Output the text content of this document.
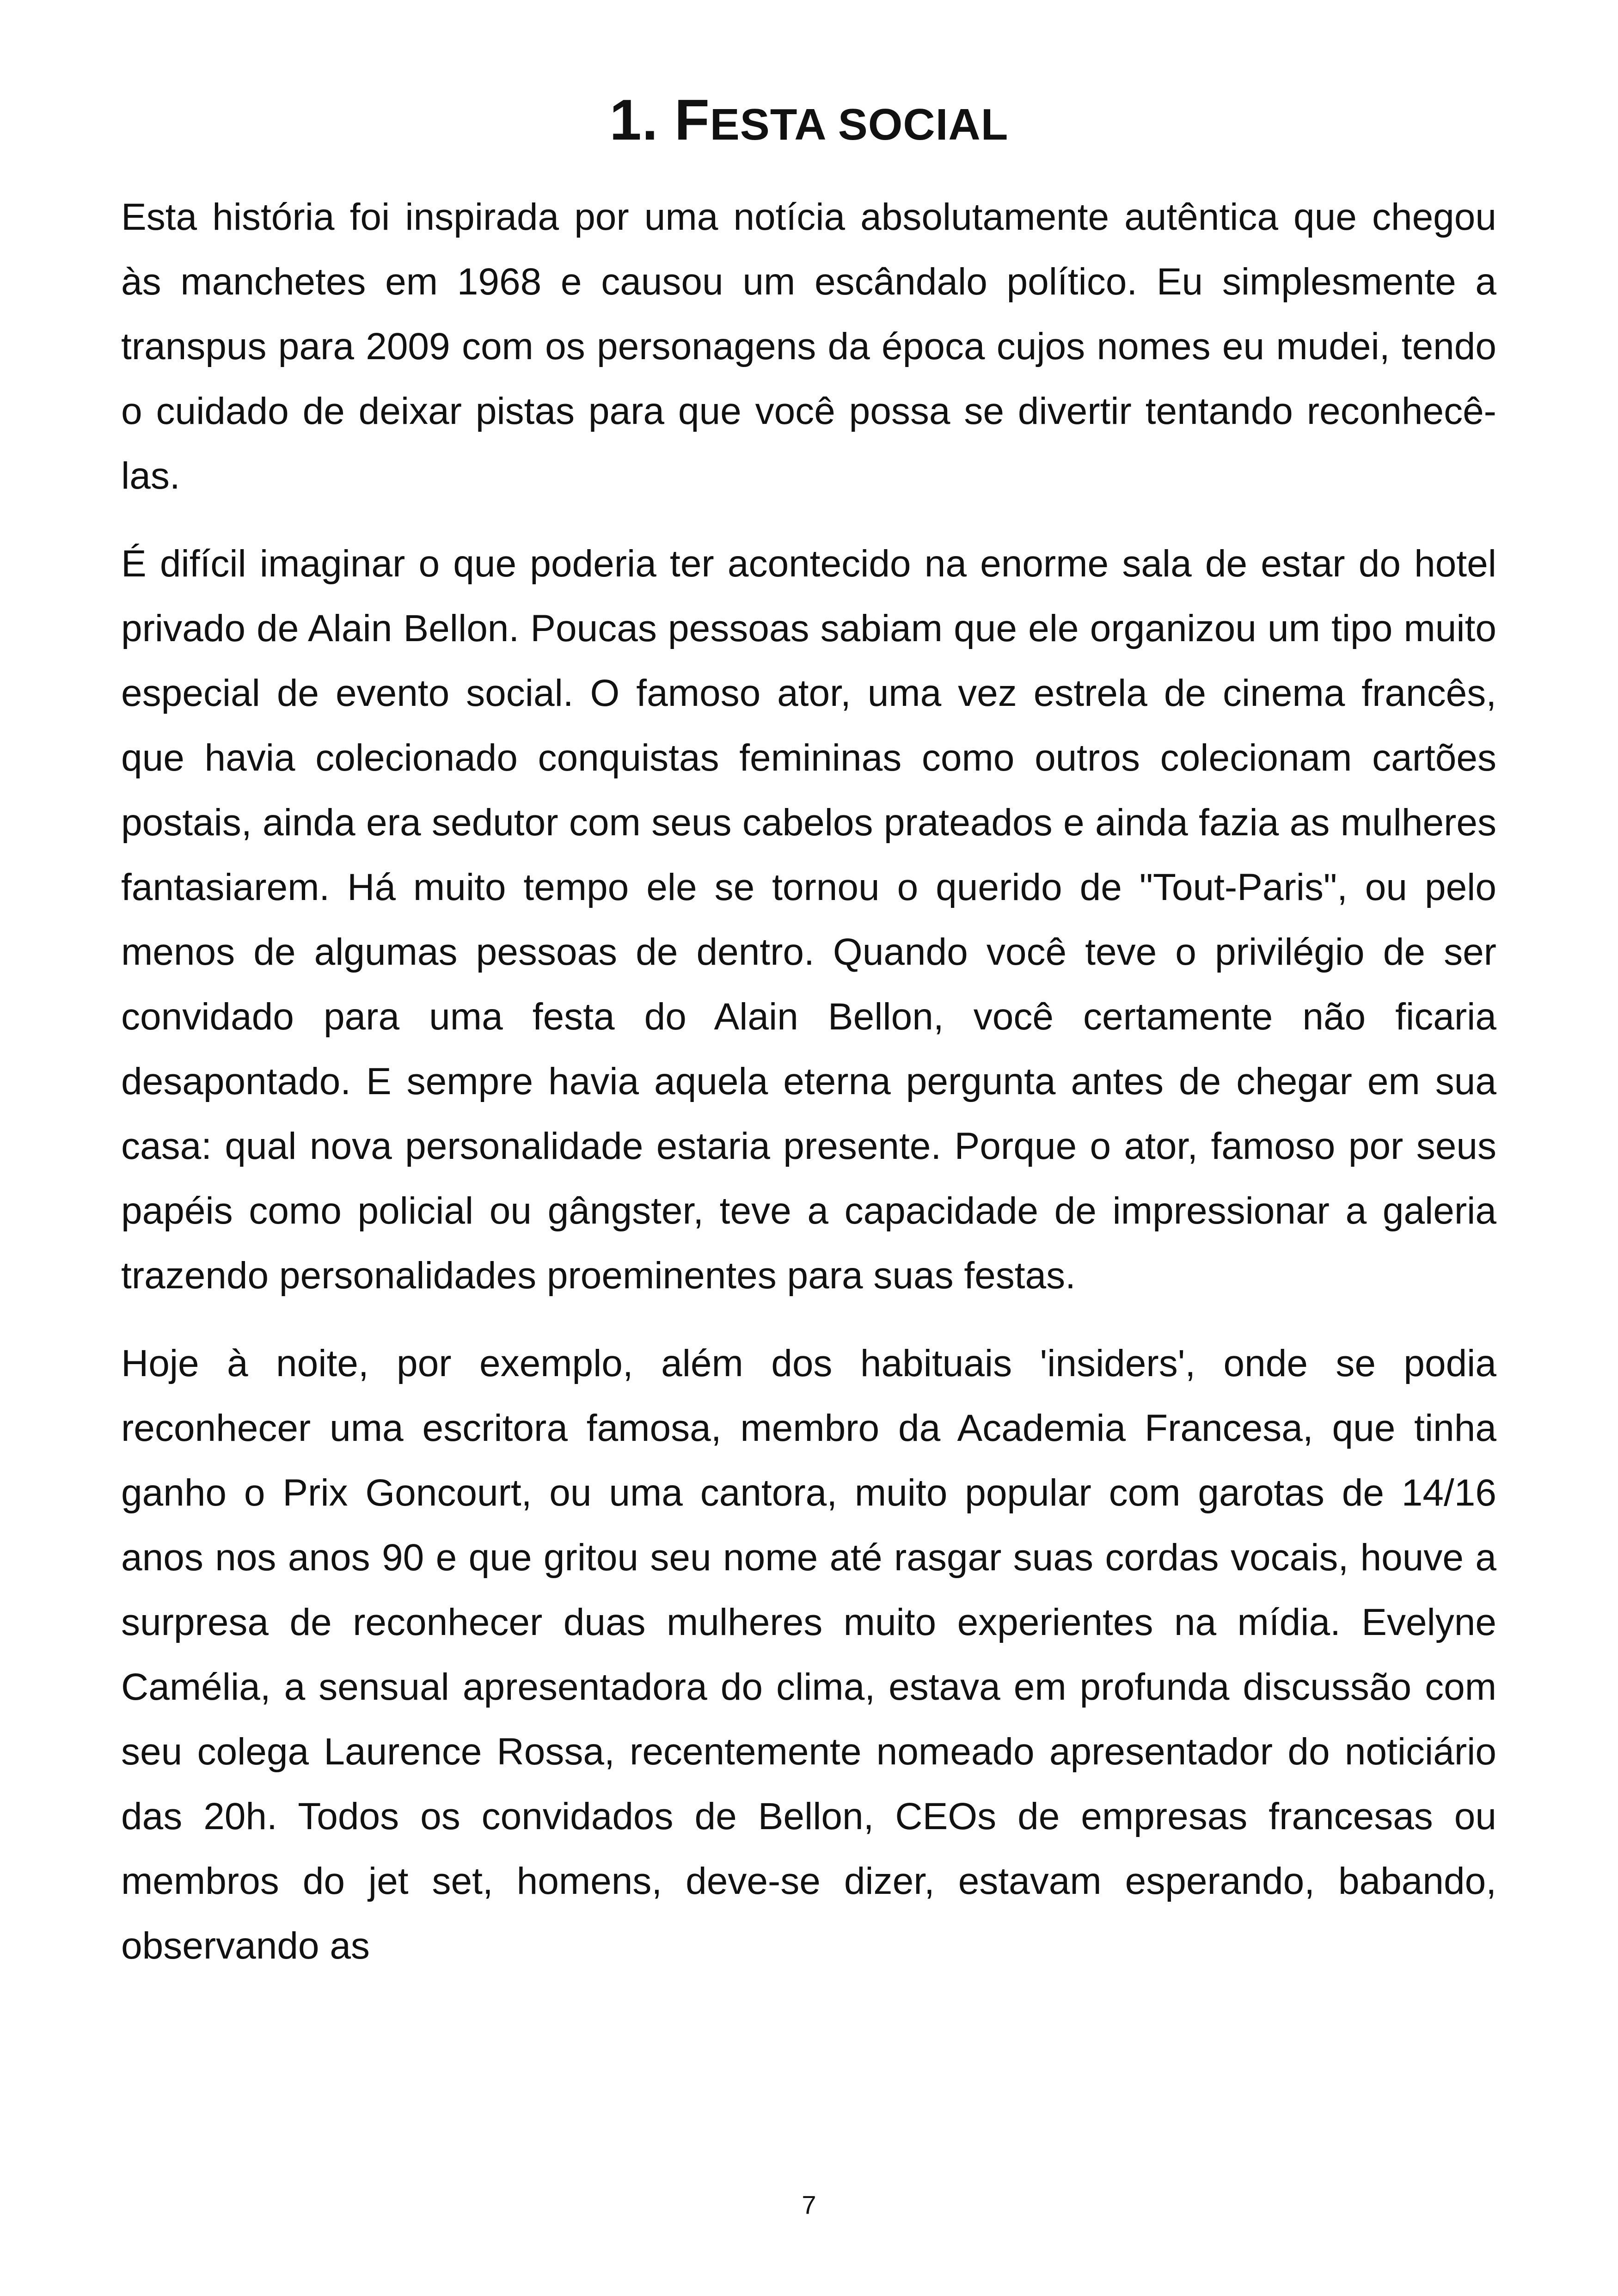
1. FESTA SOCIAL

Esta história foi inspirada por uma notícia absolutamente autêntica que chegou às manchetes em 1968 e causou um escândalo político. Eu simplesmente a transpus para 2009 com os personagens da época cujos nomes eu mudei, tendo o cuidado de deixar pistas para que você possa se divertir tentando reconhecê-las.

É difícil imaginar o que poderia ter acontecido na enorme sala de estar do hotel privado de Alain Bellon. Poucas pessoas sabiam que ele organizou um tipo muito especial de evento social. O famoso ator, uma vez estrela de cinema francês, que havia colecionado conquistas femininas como outros colecionam cartões postais, ainda era sedutor com seus cabelos prateados e ainda fazia as mulheres fantasiarem. Há muito tempo ele se tornou o querido de "Tout-Paris", ou pelo menos de algumas pessoas de dentro. Quando você teve o privilégio de ser convidado para uma festa do Alain Bellon, você certamente não ficaria desapontado. E sempre havia aquela eterna pergunta antes de chegar em sua casa: qual nova personalidade estaria presente. Porque o ator, famoso por seus papéis como policial ou gângster, teve a capacidade de impressionar a galeria trazendo personalidades proeminentes para suas festas.

Hoje à noite, por exemplo, além dos habituais 'insiders', onde se podia reconhecer uma escritora famosa, membro da Academia Francesa, que tinha ganho o Prix Goncourt, ou uma cantora, muito popular com garotas de 14/16 anos nos anos 90 e que gritou seu nome até rasgar suas cordas vocais, houve a surpresa de reconhecer duas mulheres muito experientes na mídia. Evelyne Camélia, a sensual apresentadora do clima, estava em profunda discussão com seu colega Laurence Rossa, recentemente nomeado apresentador do noticiário das 20h. Todos os convidados de Bellon, CEOs de empresas francesas ou membros do jet set, homens, deve-se dizer, estavam esperando, babando, observando as

7
